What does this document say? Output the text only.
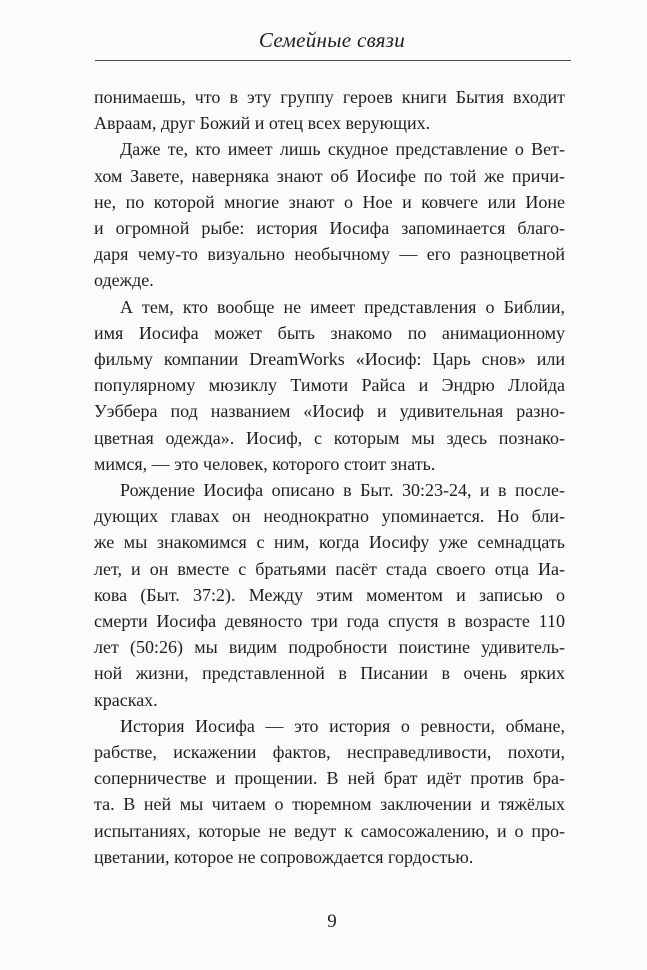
Семейные связи
понимаешь, что в эту группу героев книги Бытия входит
Авраам, друг Божий и отец всех верующих.
Даже те, кто имеет лишь скудное представление о Вет-
хом Завете, наверняка знают об Иосифе по той же причи-
не, по которой многие знают о Ное и ковчеге или Ионе
и огромной рыбе: история Иосифа запоминается благо-
даря чему-то визуально необычному — его разноцветной
одежде.
А тем, кто вообще не имеет представления о Библии,
имя Иосифа может быть знакомо по анимационному
фильму компании DreamWorks «Иосиф: Царь снов» или
популярному мюзиклу Тимоти Райса и Эндрю Ллойда
Уэббера под названием «Иосиф и удивительная разно-
цветная одежда». Иосиф, с которым мы здесь познако-
мимся, — это человек, которого стоит знать.
Рождение Иосифа описано в Быт. 30:23-24, и в после-
дующих главах он неоднократно упоминается. Но бли-
же мы знакомимся с ним, когда Иосифу уже семнадцать
лет, и он вместе с братьями пасёт стада своего отца Иа-
кова (Быт. 37:2). Между этим моментом и записью о
смерти Иосифа девяносто три года спустя в возрасте 110
лет (50:26) мы видим подробности поистине удивитель-
ной жизни, представленной в Писании в очень ярких
красках.
История Иосифа — это история о ревности, обмане,
рабстве, искажении фактов, несправедливости, похоти,
соперничестве и прощении. В ней брат идёт против бра-
та. В ней мы читаем о тюремном заключении и тяжёлых
испытаниях, которые не ведут к самосожалению, и о про-
цветании, которое не сопровождается гордостью.
9
